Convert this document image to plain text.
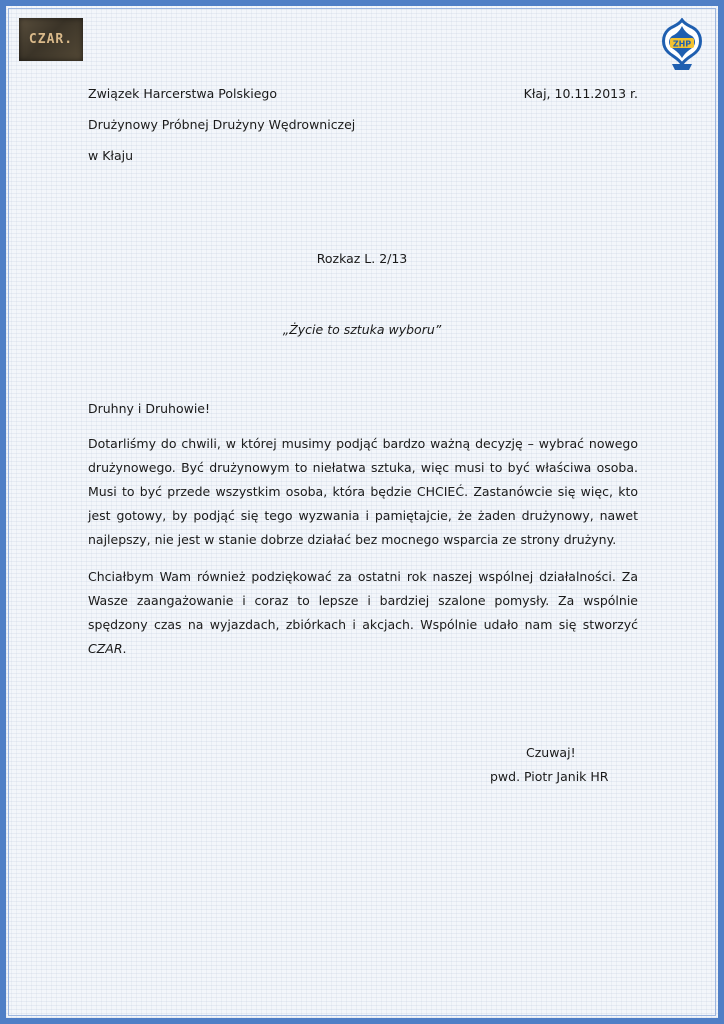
CZAR.	ZHP
Związek Harcerstwa Polskiego	Kłaj, 10.11.2013 r.
Drużynowy Próbnej Drużyny Wędrowniczej
w Kłaju
Rozkaz L. 2/13
„Życie to sztuka wyboru”
Druhny i Druhowie!

Dotarliśmy do chwili, w której musimy podjąć bardzo ważną decyzję – wybrać nowego drużynowego. Być drużynowym to niełatwa sztuka, więc musi to być właściwa osoba. Musi to być przede wszystkim osoba, która będzie CHCIEĆ. Zastanówcie się więc, kto jest gotowy, by podjąć się tego wyzwania i pamiętajcie, że żaden drużynowy, nawet najlepszy, nie jest w stanie dobrze działać bez mocnego wsparcia ze strony drużyny.

Chciałbym Wam również podziękować za ostatni rok naszej wspólnej działalności. Za Wasze zaangażowanie i coraz to lepsze i bardziej szalone pomysły. Za wspólnie spędzony czas na wyjazdach, zbiórkach i akcjach. Wspólnie udało nam się stworzyć CZAR.

Czuwaj!
pwd. Piotr Janik HR
